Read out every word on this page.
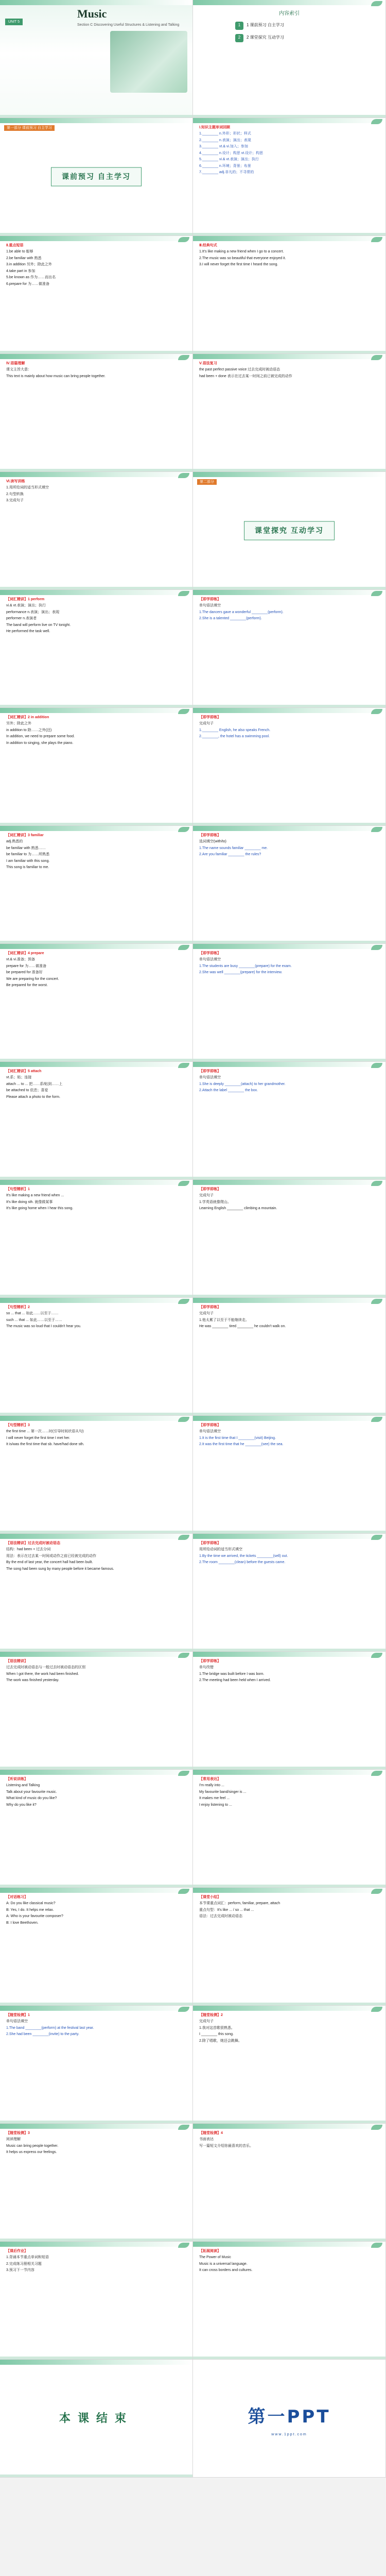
UNIT 5
Music
Section C Discovering Useful Structures & Listening and Talking
内容索引
1	1 课前预习 自主学习
2	2 课堂探究 互动学习
第一部分 课前预习 自主学习
课前预习 自主学习
Ⅰ.知识主题单词回顾
1.________ n.外形；形状；样式
2.________ n.表演；演出；表现
3.________ vt.& vi.加入；参加
4.________ n.设计；构思 vt.设计；构思
5.________ vi.& vt.表演；演出；执行
6.________ n.环境；背景；布景
7.________ adj.非凡的；不寻常的
Ⅱ.重点短语
1.be able to 能够
2.be familiar with 熟悉
3.in addition 另外；除此之外
4.take part in 参加
5.be known as 作为……而出名
6.prepare for 为……做准备
Ⅲ.经典句式
1.It's like making a new friend when I go to a concert.
2.The music was so beautiful that everyone enjoyed it.
3.I will never forget the first time I heard the song.
Ⅳ.语篇理解
课文主旨大意：
This text is mainly about how music can bring people together.
Ⅴ.语法复习
the past perfect passive voice 过去完成时被动语态
had been + done 表示在过去某一时间之前已被完成的动作
Ⅵ.读写训练
1.用所给词的适当形式填空
2.句型转换
3.完成句子
第二部分
课堂探究 互动学习
【词汇精讲】1 perform
vi.& vt.表演；演出；执行
performance n.表演；演出；表现
performer n.表演者
The band will perform live on TV tonight.
He performed the task well.
【即学即练】
单句语法填空
1.The dancers gave a wonderful ________(perform).
2.She is a talented ________(perform).
【词汇精讲】2 in addition
另外；除此之外
in addition to 除……之外(还)
In addition, we need to prepare some food.
In addition to singing, she plays the piano.
【即学即练】
完成句子
1.________ English, he also speaks French.
2.________, the hotel has a swimming pool.
【词汇精讲】3 familiar
adj.熟悉的
be familiar with 熟悉……
be familiar to 为……所熟悉
I am familiar with this song.
This song is familiar to me.
【即学即练】
选词填空(with/to)
1.The name sounds familiar ________ me.
2.Are you familiar ________ the rules?
【词汇精讲】4 prepare
vt.& vi.准备；预备
prepare for 为……做准备
be prepared for 准备好
We are preparing for the concert.
Be prepared for the worst.
【即学即练】
单句语法填空
1.The students are busy ________(prepare) for the exam.
2.She was well ________(prepare) for the interview.
【词汇精讲】5 attach
vt.系；贴；连接
attach ... to ... 把……系/贴到……上
be attached to 依恋；喜爱
Please attach a photo to the form.
【即学即练】
单句语法填空
1.She is deeply ________(attach) to her grandmother.
2.Attach the label ________ the box.
【句型精析】1
It's like making a new friend when ...
It's like doing sth. 就像做某事
It's like going home when I hear this song.
【即学即练】
完成句子
1.学英语就像爬山。
Learning English ________ climbing a mountain.
【句型精析】2
so ... that ... 如此……以至于……
such ... that ... 如此……以至于……
The music was so loud that I couldn't hear you.
【即学即练】
完成句子
1.他太累了以至于不能继续走。
He was ________ tired ________ he couldn't walk on.
【句型精析】3
the first time ... 第一次……时(引导时间状语从句)
I will never forget the first time I met her.
It is/was the first time that sb. have/had done sth.
【即学即练】
单句语法填空
1.It is the first time that I ________(visit) Beijing.
2.It was the first time that he ________(see) the sea.
【语法精讲】过去完成时被动语态
结构：had been + 过去分词
用法：表示在过去某一时间或动作之前已经被完成的动作
By the end of last year, the concert hall had been built.
The song had been sung by many people before it became famous.
【即学即练】
用所给动词的适当形式填空
1.By the time we arrived, the tickets ________(sell) out.
2.The room ________(clean) before the guests came.
【语法精讲】
过去完成时被动语态与一般过去时被动语态的区别
When I got there, the work had been finished.
The work was finished yesterday.
【即学即练】
单句改错
1.The bridge was built before I was born.
2.The meeting had been held when I arrived.
【听说训练】
Listening and Talking
Talk about your favourite music.
What kind of music do you like?
Why do you like it?
【常用表达】
I'm really into ...
My favourite band/singer is ...
It makes me feel ...
I enjoy listening to ...
【对话练习】
A: Do you like classical music?
B: Yes, I do. It helps me relax.
A: Who is your favourite composer?
B: I love Beethoven.
【课堂小结】
本节课重点词汇：perform, familiar, prepare, attach
重点句型：It's like ... / so ... that ...
语法：过去完成时被动语态
【随堂检测】1
单句语法填空
1.The band ________(perform) at the festival last year.
2.She had been ________(invite) to the party.
【随堂检测】2
完成句子
1.我对这首歌很熟悉。
I ________ this song.
2.除了唱歌，她还会跳舞。
【随堂检测】3
阅读理解
Music can bring people together.
It helps us express our feelings.
【随堂检测】4
书面表达
写一篇短文介绍你最喜欢的音乐。
【课后作业】
1.背诵本节重点单词和短语
2.完成练习册相关习题
3.预习下一节内容
【拓展阅读】
The Power of Music
Music is a universal language.
It can cross borders and cultures.
本课结束	第一PPT
www.1ppt.com
